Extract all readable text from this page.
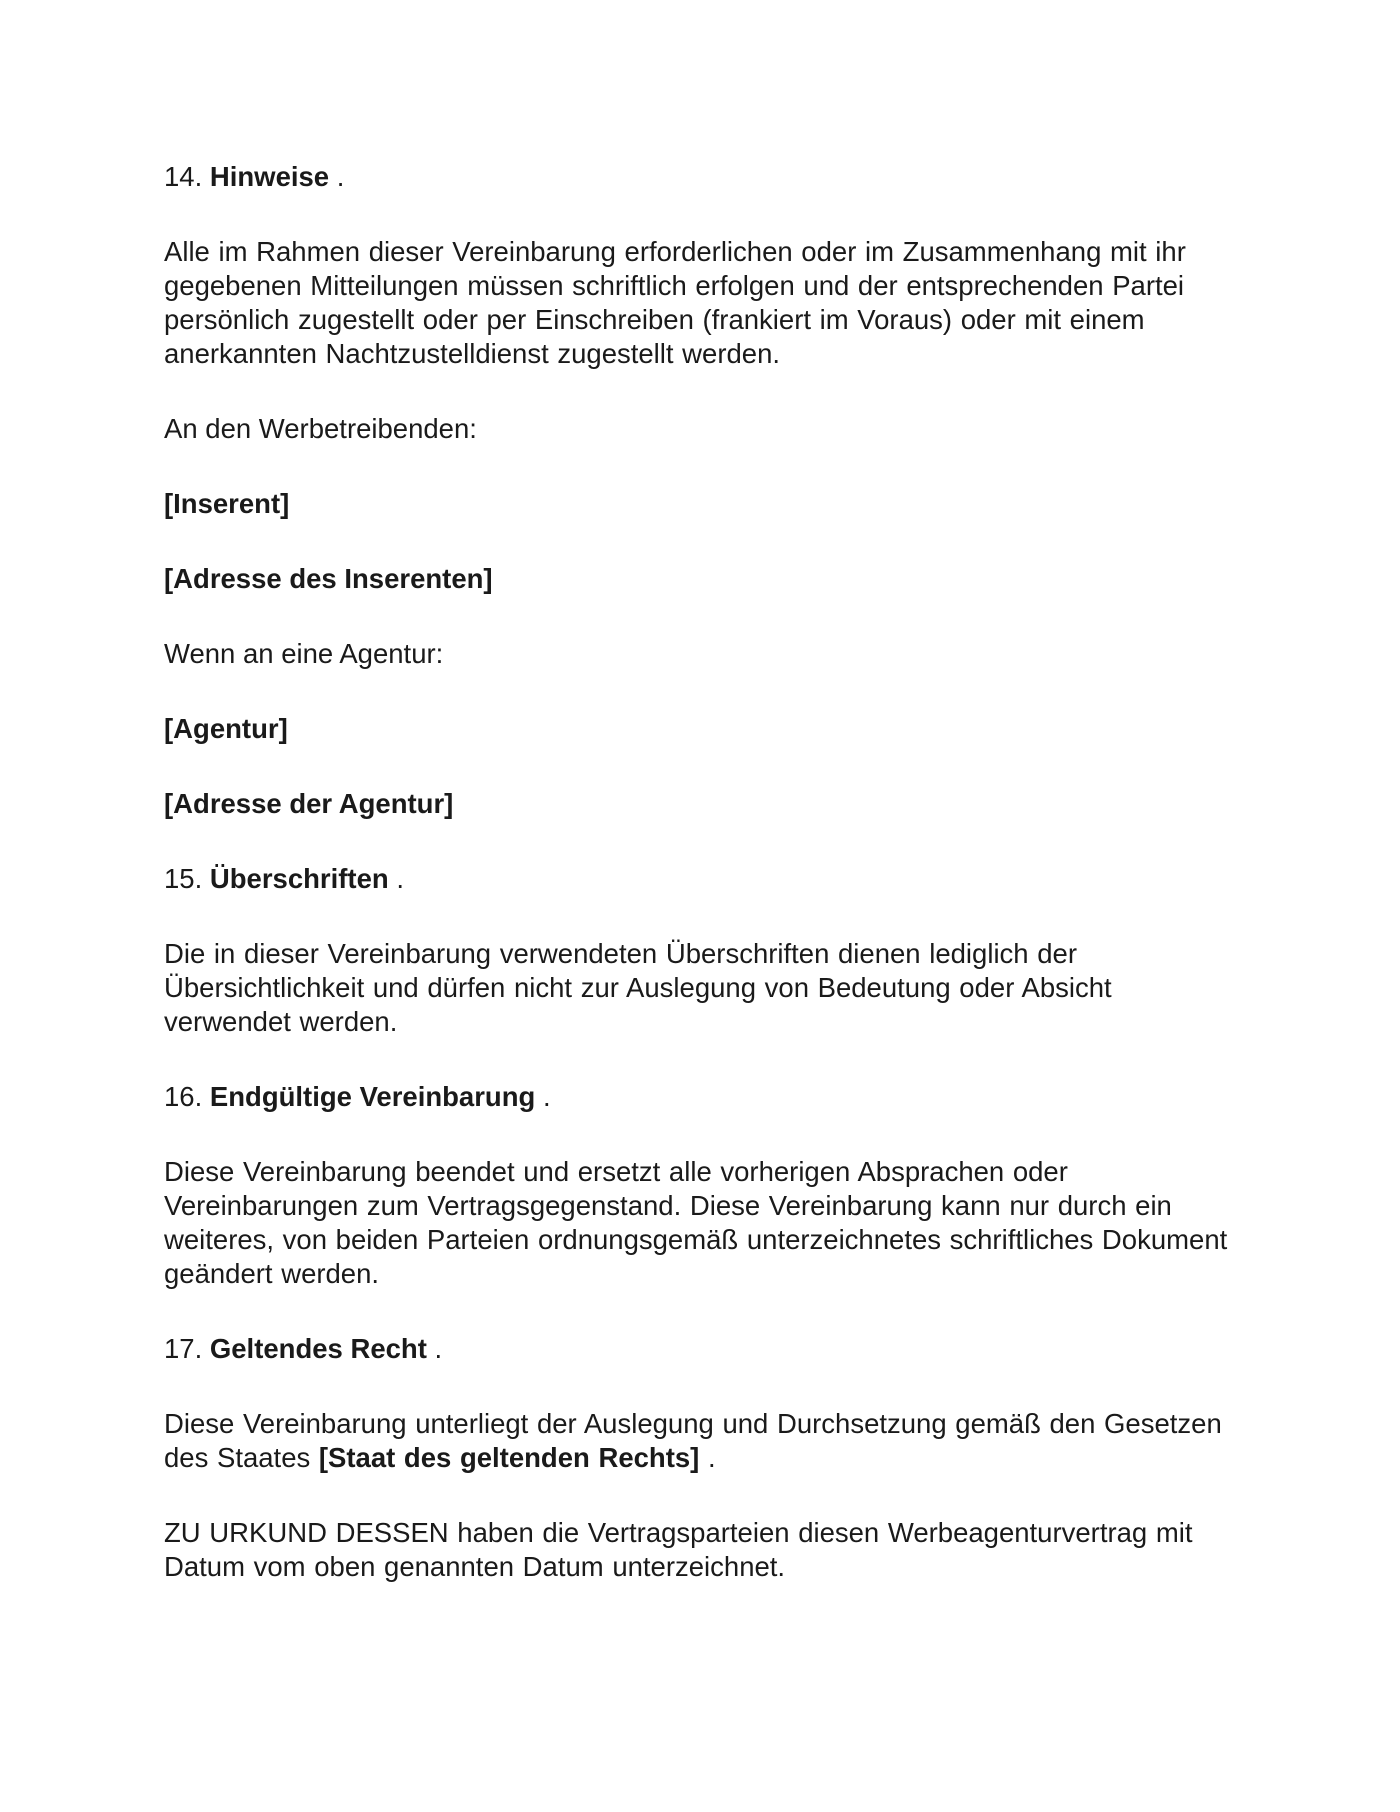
14. Hinweise .
Alle im Rahmen dieser Vereinbarung erforderlichen oder im Zusammenhang mit ihr gegebenen Mitteilungen müssen schriftlich erfolgen und der entsprechenden Partei persönlich zugestellt oder per Einschreiben (frankiert im Voraus) oder mit einem anerkannten Nachtzustelldienst zugestellt werden.
An den Werbetreibenden:
[Inserent]
[Adresse des Inserenten]
Wenn an eine Agentur:
[Agentur]
[Adresse der Agentur]
15. Überschriften .
Die in dieser Vereinbarung verwendeten Überschriften dienen lediglich der Übersichtlichkeit und dürfen nicht zur Auslegung von Bedeutung oder Absicht verwendet werden.
16. Endgültige Vereinbarung .
Diese Vereinbarung beendet und ersetzt alle vorherigen Absprachen oder Vereinbarungen zum Vertragsgegenstand. Diese Vereinbarung kann nur durch ein weiteres, von beiden Parteien ordnungsgemäß unterzeichnetes schriftliches Dokument geändert werden.
17. Geltendes Recht .
Diese Vereinbarung unterliegt der Auslegung und Durchsetzung gemäß den Gesetzen des Staates [Staat des geltenden Rechts] .
ZU URKUND DESSEN haben die Vertragsparteien diesen Werbeagenturvertrag mit Datum vom oben genannten Datum unterzeichnet.
